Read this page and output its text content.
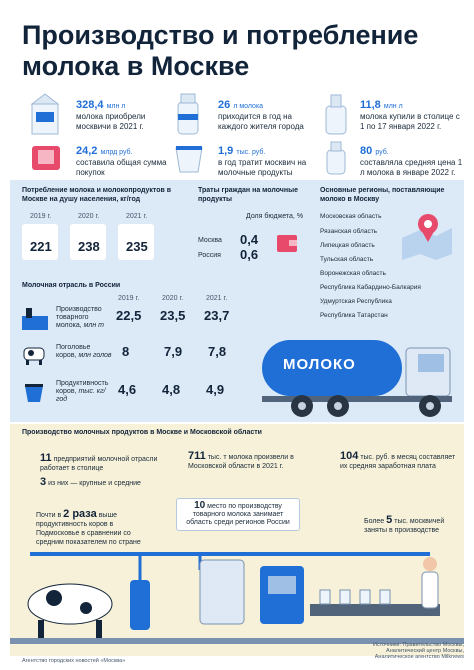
Производство и потребление молока в Москве
328,4 млн л
молока приобрели москвичи в 2021 г.
26 л молока
приходится в год на каждого жителя города
11,8 млн л
молока купили в столице с 1 по 17 января 2022 г.
24,2 млрд руб.
составила общая сумма покупок
1,9 тыс. руб.
в год тратит москвич на молочные продукты
80 руб.
составляла средняя цена 1 л молока в январе 2022 г.
Потребление молока и молокопродуктов в Москве на душу населения, кг/год
2019 г.	2020 г.	2021 г.
221 238 235
Траты граждан на молочные продукты
Доля бюджета, %
Москва 0,4
Россия 0,6
Основные регионы, поставляющие молоко в Москву
Московская область
Рязанская область
Липецкая область
Тульская область
Воронежская область
Республика Кабардино-Балкария
Удмуртская Республика
Республика Татарстан
Молочная отрасль в России
2019 г.	2020 г.	2021 г.
Производство товарного молока, млн т
22,5 23,5 23,7
Поголовье коров, млн голов 8	7,9 7,8
Продуктивность коров, тыс. кг/год
4,6 4,8 4,9
МОЛОКО
Производство молочных продуктов в Москве и Московской области
11 предприятий молочной отрасли работает в столице
3 из них — крупные и средние
711 тыс. т молока произвели в Московской области в 2021 г.
104 тыс. руб. в месяц составляет их средняя заработная плата
Почти в 2 раза выше продуктивность коров в Подмосковье в сравнении со средним показателем по стране
10 место по производству товарного молока занимает область среди регионов России	Более 5 тыс. москвичей заняты в производстве
Агентство городских новостей «Москва»
Источники: Правительство Москвы,
Аналитический центр Москвы,
Аналитическое агентство Milknews
